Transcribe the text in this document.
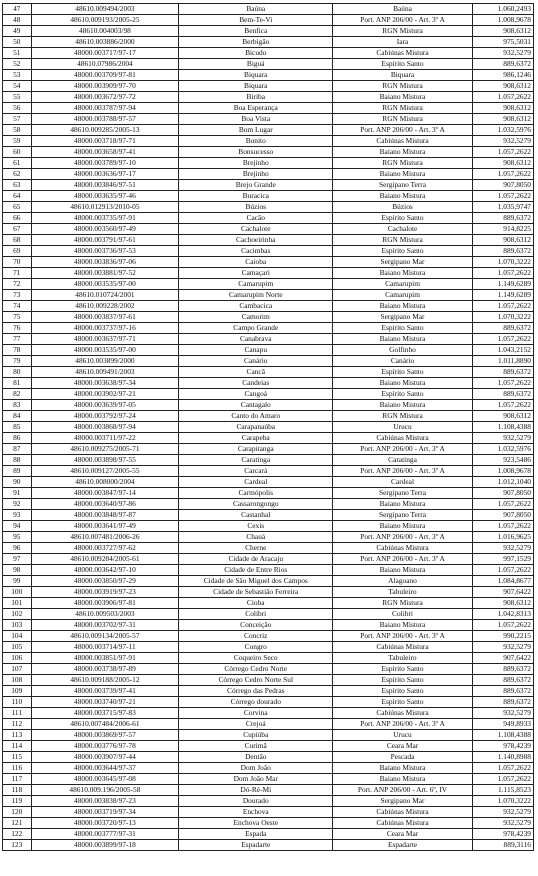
47	48610.009494/2003	Baúna	Baúna	1.060,2493
48	48610.009193/2005-25	Bem-Te-Vi	Port. ANP 206/00 - Art. 3º A	1.008,9678
49	48610.004003/98	Benfica	RGN Mistura	908,6312
50	48610.003886/2000	Berbigão	Iara	975,5031
51	48000.003717/97-17	Bicudo	Cabiúnas Mistura	932,5279
52	48610.07986/2004	Biguá	Espírito Santo	889,6372
53	48000.003709/97-81	Biquara	Biquara	986,1246
54	48000.003909/97-70	Biquara	RGN Mistura	908,6312
55	48000.003672/97-72	Biriba	Baiano Mistura	1.057,2622
56	48000.003787/97-94	Boa Esperança	RGN Mistura	908,6312
57	48000.003788/97-57	Boa Vista	RGN Mistura	908,6312
58	48610.009285/2005-13	Bom Lugar	Port. ANP 206/00 - Art. 3º A	1.032,5976
59	48000.003718/97-71	Bonito	Cabiúnas Mistura	932,5279
60	48000.003658/97-41	Bonsucesso	Baiano Mistura	1.057,2622
61	48000.003789/97-10	Brejinho	RGN Mistura	908,6312
62	48000.003636/97-17	Brejinho	Baiano Mistura	1.057,2622
63	48000.003846/97-51	Brejo Grande	Sergipano Terra	907,8050
64	48000.003635/97-46	Buracica	Baiano Mistura	1.057,2622
65	48610.012913/2010-05	Búzios	Búzios	1.035,9747
66	48000.003735/97-91	Cacão	Espírito Santo	889,6372
67	48000.003560/97-49	Cachalote	Cachalote	914,8225
68	48000.003791/97-61	Cachoeirinha	RGN Mistura	908,6312
69	48000.003736/97-53	Cacimbas	Espírito Santo	889,6372
70	48000.003836/97-06	Caioba	Sergipano Mar	1.070,3222
71	48000.003881/97-52	Camaçari	Baiano Mistura	1.057,2622
72	48000.003535/97-00	Camarupim	Camarupim	1.149,6289
73	48610.010724/2001	Camarupim Norte	Camarupim	1.149,6289
74	48610.009228/2002	Cambacica	Baiano Mistura	1.057,2622
75	48000.003837/97-61	Camorim	Sergipano Mar	1.070,3222
76	48000.003737/97-16	Campo Grande	Espírito Santo	889,6372
77	48000.003637/97-71	Canabrava	Baiano Mistura	1.057,2622
78	48000.003535/97-00	Canapu	Golfinho	1.043,2152
79	48610.003899/2000	Canário	Canário	1.011,8890
80	48610.009491/2003	Cancã	Espírito Santo	889,6372
81	48000.003638/97-34	Candeias	Baiano Mistura	1.057,2622
82	48000.003902/97-21	Cangoá	Espírito Santo	889,6372
83	48000.003639/97-05	Cantagalo	Baiano Mistura	1.057,2622
84	48000.003792/97-24	Canto do Amaro	RGN Mistura	908,6312
85	48000.003868/97-94	Carapanaúba	Urucu	1.108,4388
86	48000.003711/97-22	Carapeba	Cabiúnas Mistura	932,5279
87	48610.009275/2005-71	Carapitanga	Port. ANP 206/00 - Art. 3º A	1.032,5976
88	48000.003898/97-55	Caratinga	Caratinga	923,5486
89	48610.009127/2005-55	Carcará	Port. ANP 206/00 - Art. 3º A	1.008,9678
90	48610.008000/2004	Cardeal	Cardeal	1.012,1040
91	48000.003847/97-14	Carmópolis	Sergipano Terra	907,8050
92	48000.003640/97-86	Cassarongongo	Baiano Mistura	1.057,2622
93	48000.003848/97-87	Castanhal	Sergipano Terra	907,8050
94	48000.003641/97-49	Cexis	Baiano Mistura	1.057,2622
95	48610.007481/2006-26	Chauá	Port. ANP 206/00 - Art. 3º A	1.016,9625
96	48000.003727/97-62	Cherne	Cabiúnas Mistura	932,5279
97	48610.009284/2005-61	Cidade de Aracaju	Port. ANP 206/00 - Art. 3º A	997,1529
98	48000.003642/97-10	Cidade de Entre Rios	Baiano Mistura	1.057,2622
99	48000.003850/97-29	Cidade de São Miguel dos Campos	Alagoano	1.084,8677
100	48000.003919/97-23	Cidade de Sebastião Ferreira	Tabuleiro	907,6422
101	48000.003906/97-81	Cioba	RGN Mistura	908,6312
102	48610.009503/2003	Colibri	Colibri	1.042,8313
103	48000.003702/97-31	Conceição	Baiano Mistura	1.057,2622
104	48610.009134/2005-57	Concriz	Port. ANP 206/00 - Art. 3º A	990,2215
105	48000.003714/97-11	Congro	Cabiúnas Mistura	932,5279
106	48000.003851/97-91	Coqueiro Seco	Tabuleiro	907,6422
107	48000.003738/97-89	Córrego Cedro Norte	Espírito Santo	889,6372
108	48610.009188/2005-12	Córrego Cedro Norte Sul	Espírito Santo	889,6372
109	48000.003739/97-41	Córrego das Pedras	Espírito Santo	889,6372
110	48000.003740/97-21	Córrego dourado	Espírito Santo	889,6372
111	48000.003715/97-83	Corvina	Cabiúnas Mistura	932,5279
112	48610.007484/2006-61	Crejoá	Port. ANP 206/00 - Art. 3º A	949,8933
113	48000.003869/97-57	Cupiúba	Urucu	1.108,4388
114	48000.003776/97-78	Curimã	Ceara Mar	978,4239
115	48000.003907/97-44	Dentão	Pescada	1.140,8988
116	48000.003644/97-37	Dom João	Baiano Mistura	1.057,2622
117	48000.003645/97-08	Dom João Mar	Baiano Mistura	1.057,2622
118	48610.009.196/2005-58	Dó-Ré-Mi	Port. ANP 206/00 - Art. 6º, IV	1.115,8523
119	48000.003838/97-23	Dourado	Sergipano Mar	1.070,3222
120	48000.003719/97-34	Enchova	Cabiúnas Mistura	932,5279
121	48000.003720/97-13	Enchova Oeste	Cabiúnas Mistura	932,5279
122	48000.003777/97-31	Espada	Ceara Mar	978,4239
123	48000.003899/97-18	Espadarte	Espadarte	889,3116
